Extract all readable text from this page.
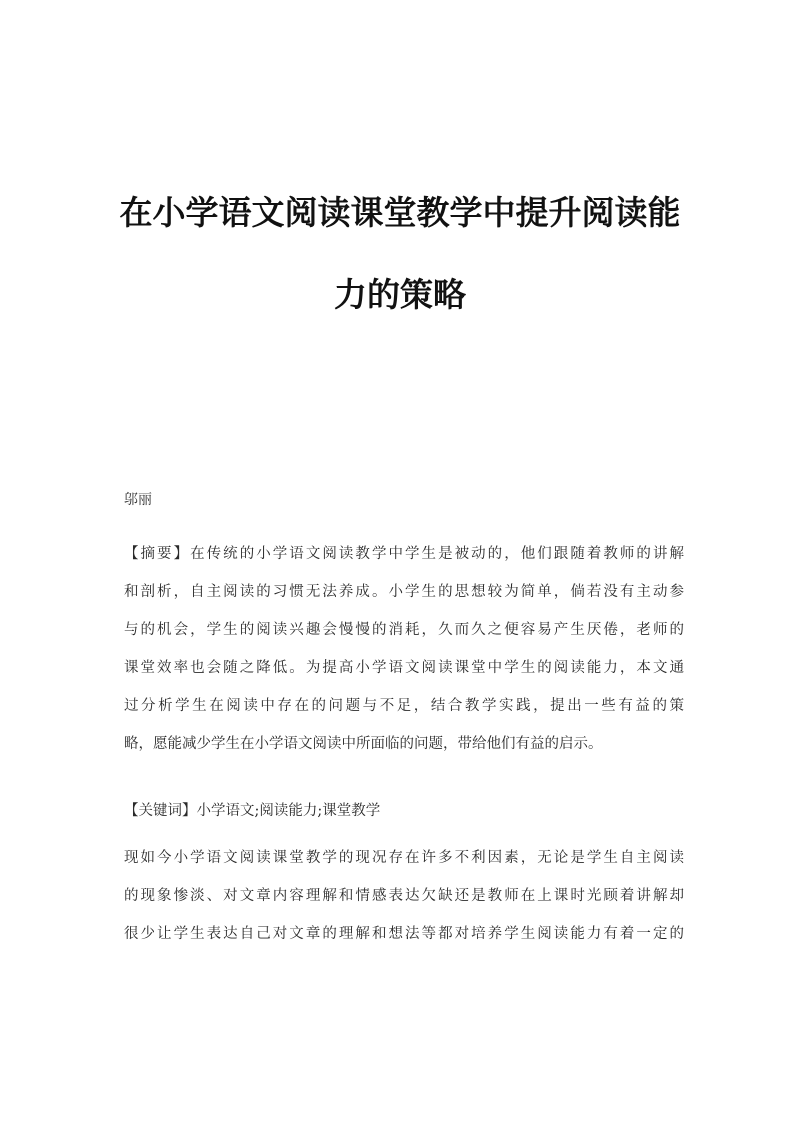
在小学语文阅读课堂教学中提升阅读能
力的策略
邬丽
【摘要】在传统的小学语文阅读教学中学生是被动的，他们跟随着教师的讲解
和剖析，自主阅读的习惯无法养成。小学生的思想较为简单，倘若没有主动参
与的机会，学生的阅读兴趣会慢慢的消耗，久而久之便容易产生厌倦，老师的
课堂效率也会随之降低。为提高小学语文阅读课堂中学生的阅读能力，本文通
过分析学生在阅读中存在的问题与不足，结合教学实践，提出一些有益的策
略，愿能减少学生在小学语文阅读中所面临的问题，带给他们有益的启示。
【关键词】小学语文;阅读能力;课堂教学
现如今小学语文阅读课堂教学的现况存在许多不利因素，无论是学生自主阅读
的现象惨淡、对文章内容理解和情感表达欠缺还是教师在上课时光顾着讲解却
很少让学生表达自己对文章的理解和想法等都对培养学生阅读能力有着一定的
